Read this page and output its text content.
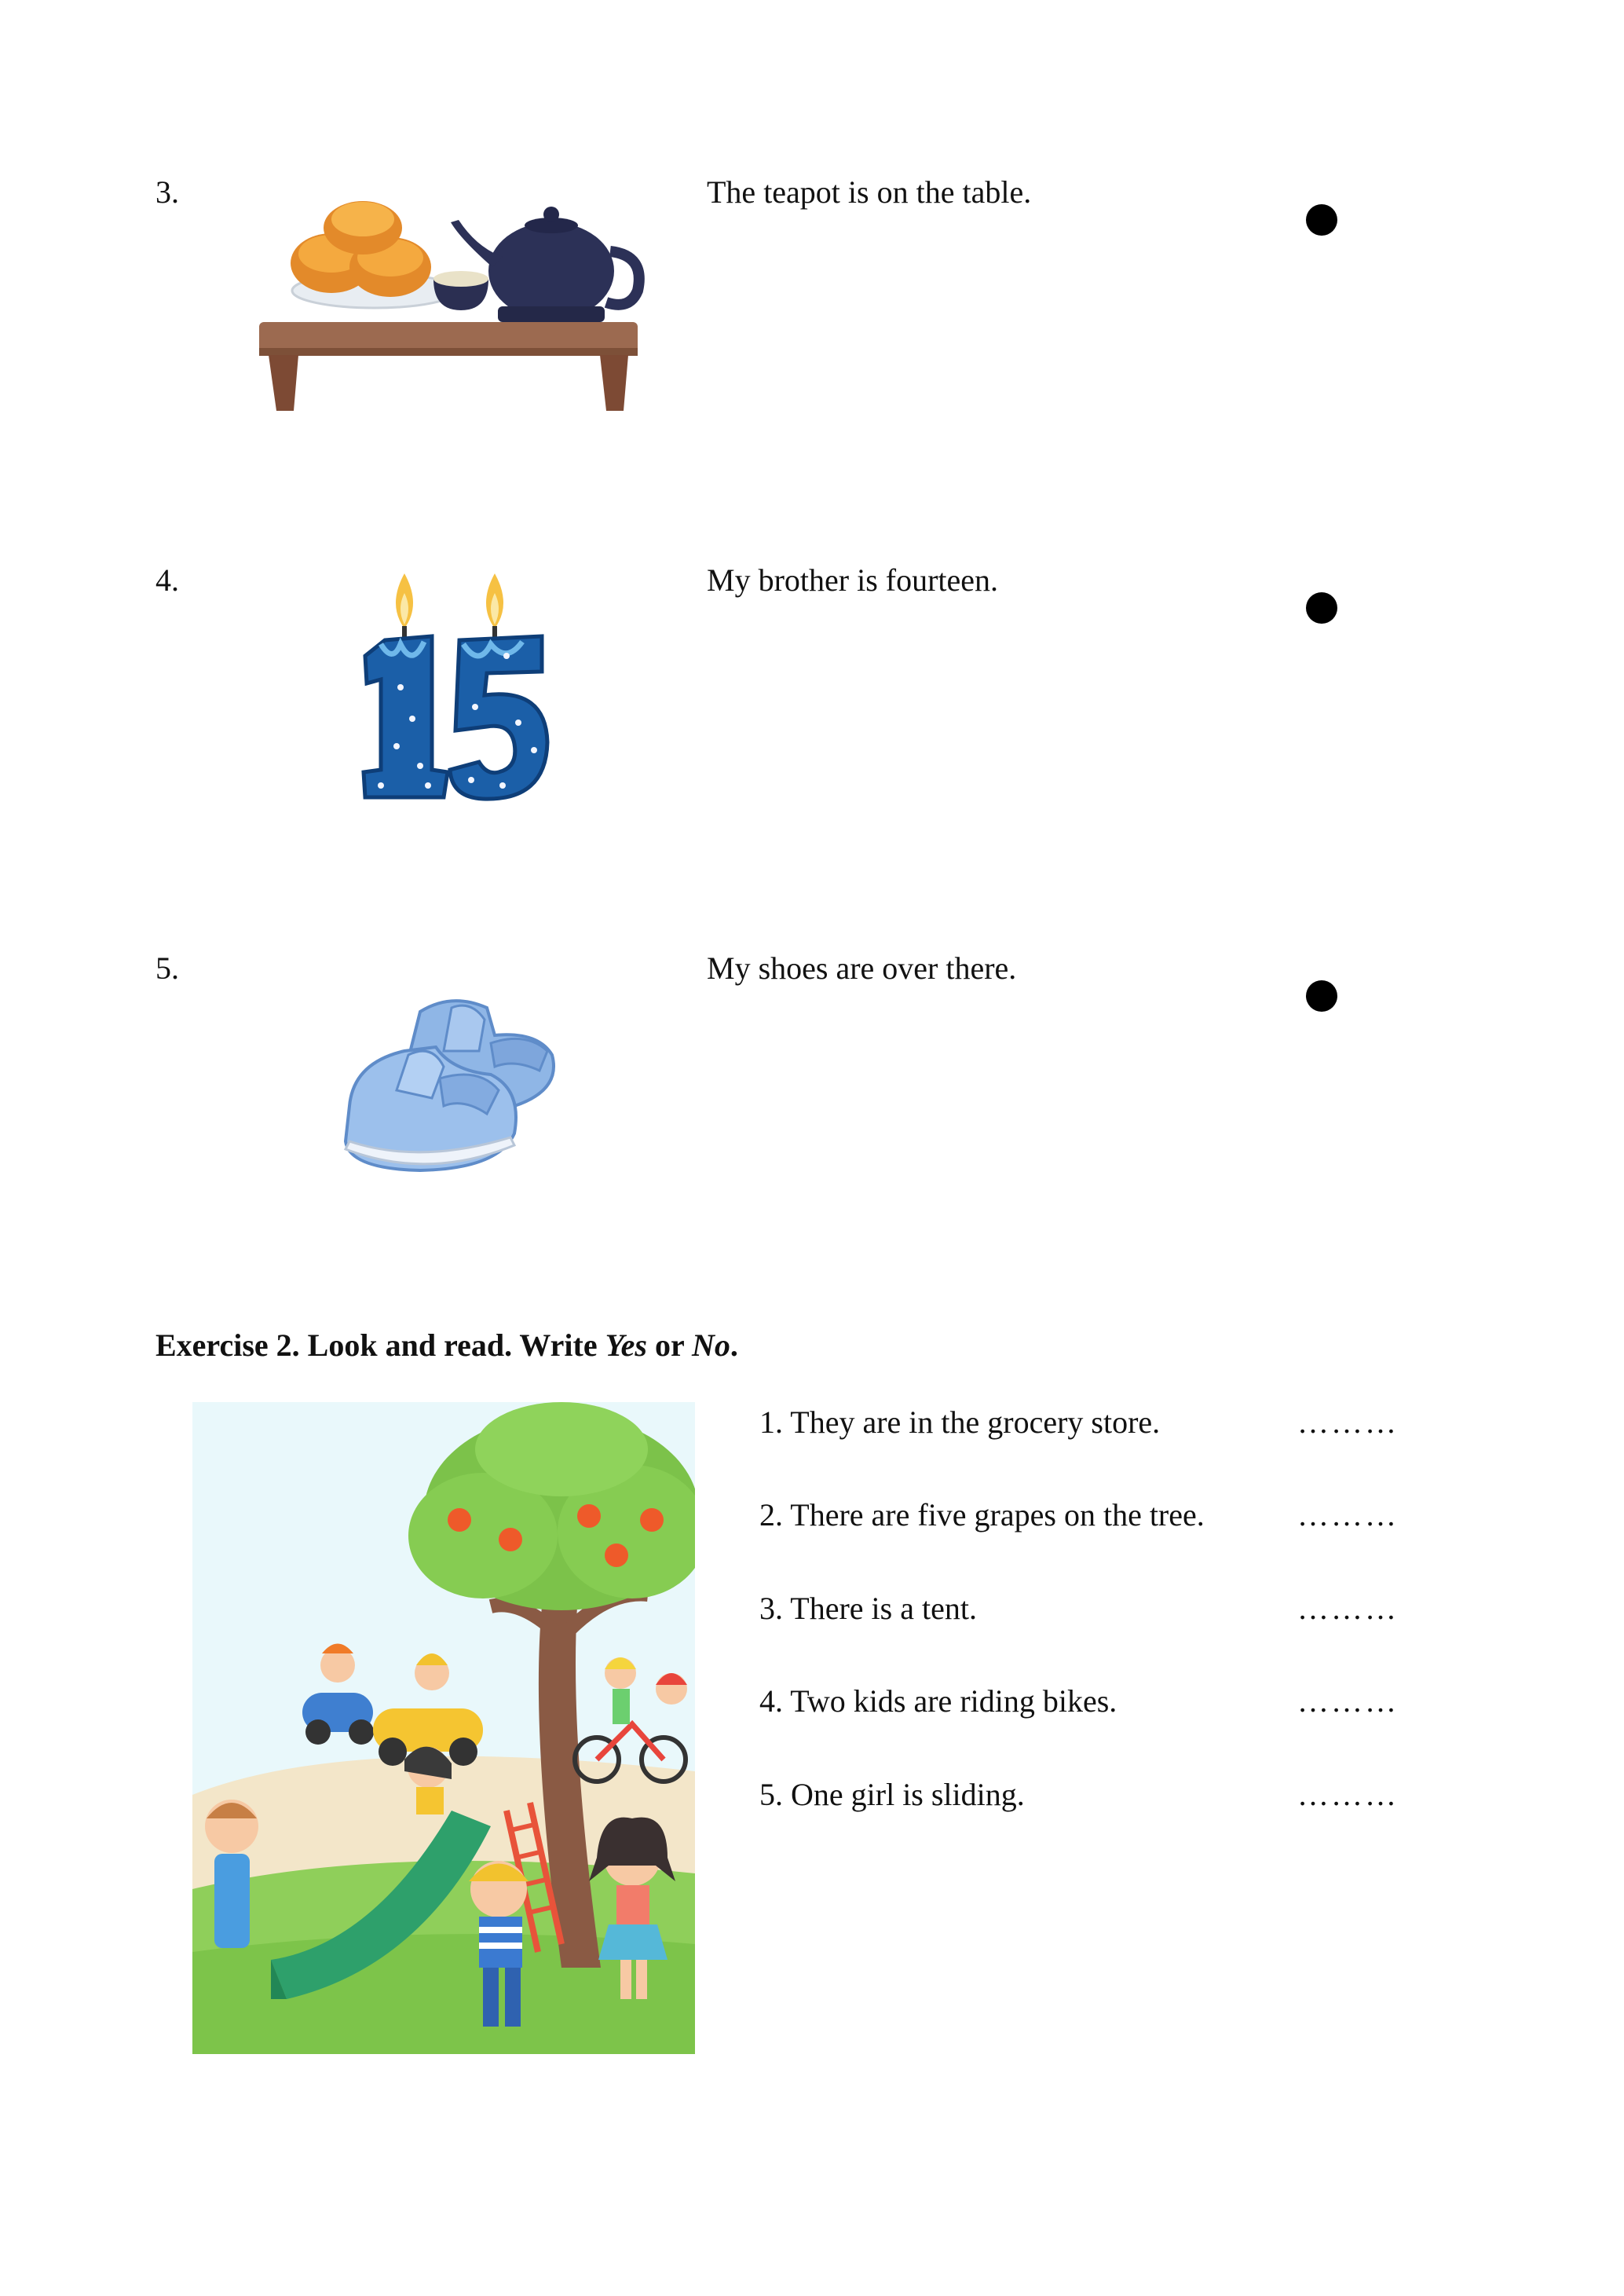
3.	The teapot is on the table.
4.	My brother is fourteen.
5.	My shoes are over there.
Exercise 2. Look and read. Write Yes or No.
1. They are in the grocery store.	………
2. There are five grapes on the tree.	………
3. There is a tent.	………
4. Two kids are riding bikes.	………
5. One girl is sliding.	………
